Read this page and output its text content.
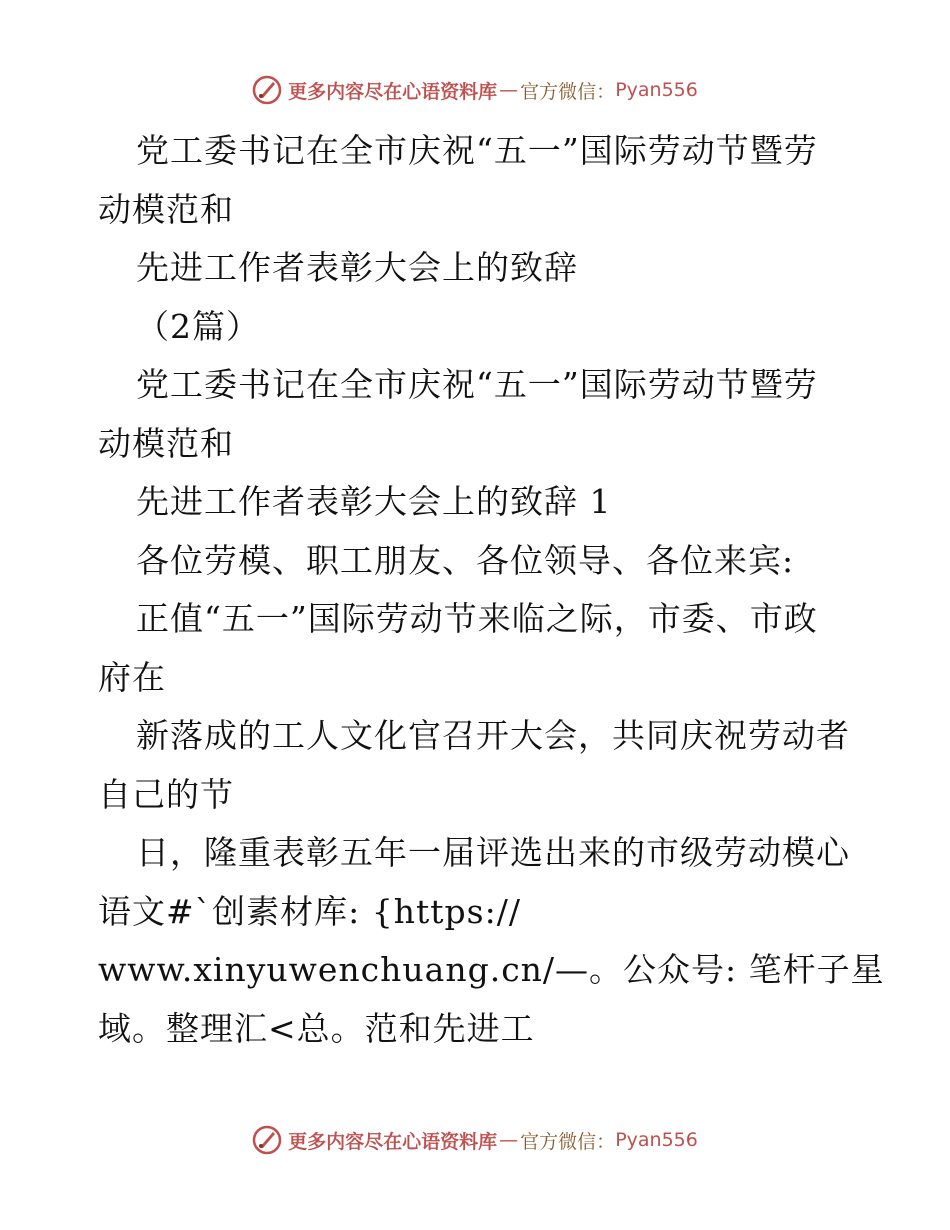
更多内容尽在心语资料库 — 官方微信： Pyan556
党工委书记在全市庆祝“五一”国际劳动节暨劳
动模范和
先进工作者表彰大会上的致辞
（2篇）
党工委书记在全市庆祝“五一”国际劳动节暨劳
动模范和
先进工作者表彰大会上的致辞 1
各位劳模、职工朋友、各位领导、各位来宾:
正值“五一”国际劳动节来临之际，市委、市政
府在
新落成的工人文化官召开大会，共同庆祝劳动者
自己的节
日，隆重表彰五年一届评选出来的市级劳动模心
语文#`创素材库: {https://
www.xinyuwenchuang.cn/—。公众号: 笔杆子星
域。整理汇<总。范和先进工
更多内容尽在心语资料库 — 官方微信： Pyan556
